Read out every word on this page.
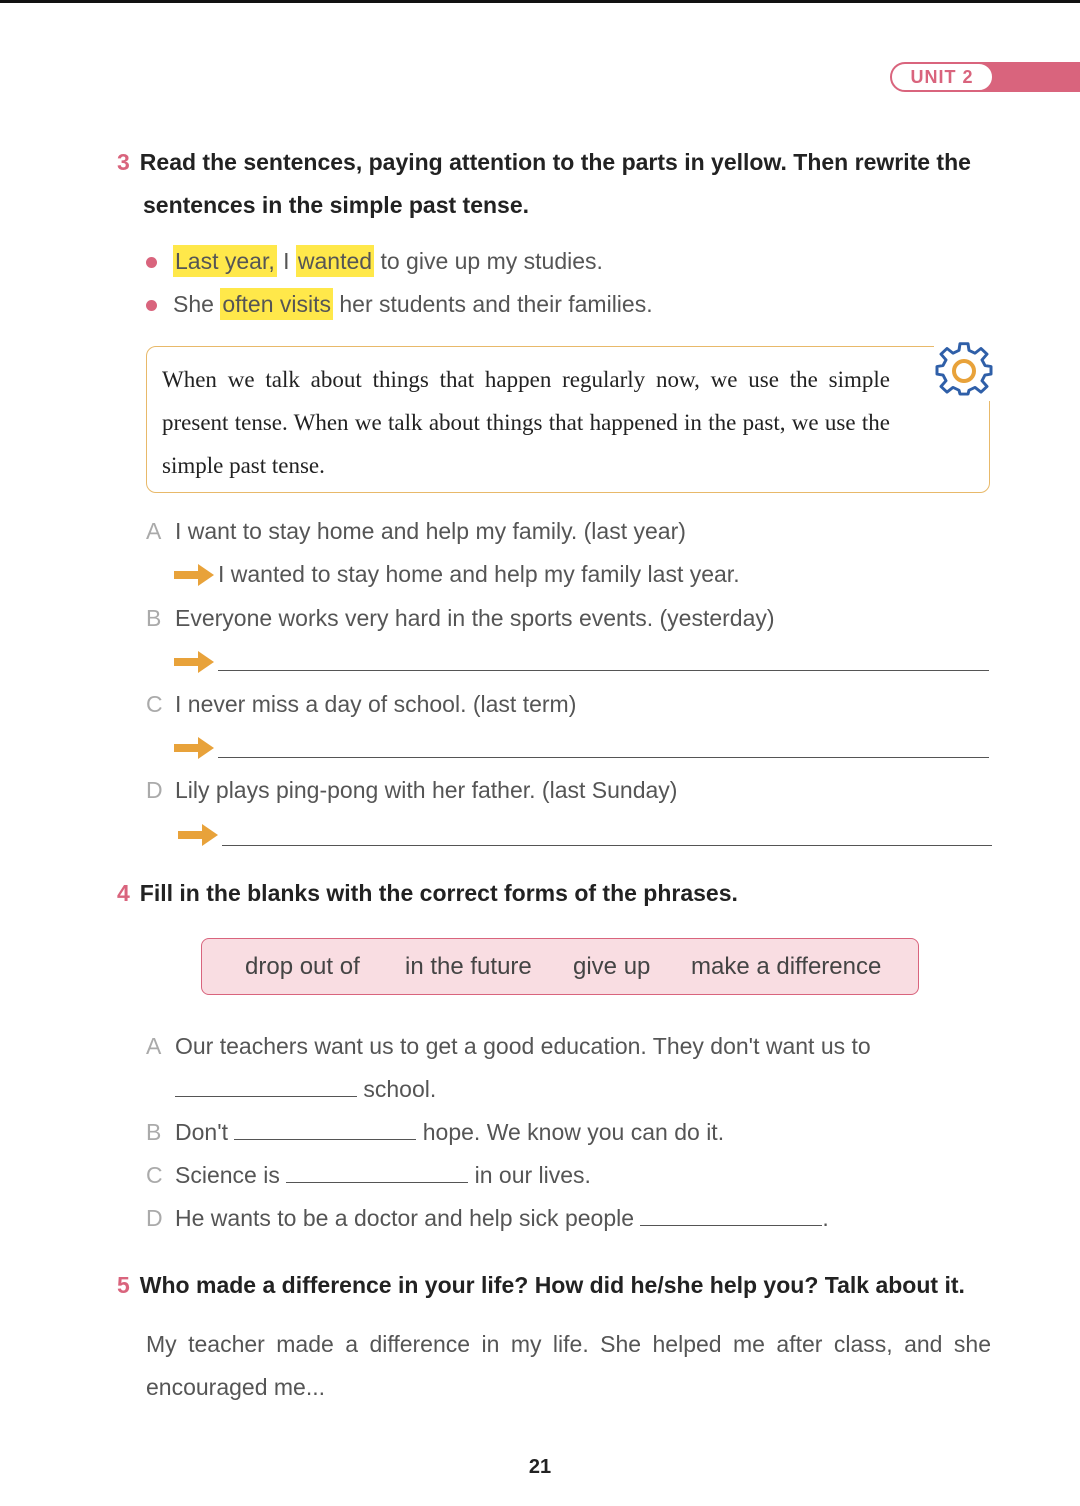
UNIT 2
3 Read the sentences, paying attention to the parts in yellow. Then rewrite the
sentences in the simple past tense.
Last year, I wanted to give up my studies.
She often visits her students and their families.
When we talk about things that happen regularly now, we use the simple present tense. When we talk about things that happened in the past, we use the simple past tense.
A I want to stay home and help my family. (last year)
I wanted to stay home and help my family last year.
B Everyone works very hard in the sports events. (yesterday)
C I never miss a day of school. (last term)
D Lily plays ping-pong with her father. (last Sunday)
4 Fill in the blanks with the correct forms of the phrases.
drop out of in the future give up make a difference
A Our teachers want us to get a good education. They don't want us to
school.
B Don't	hope. We know you can do it.
C Science is	in our lives.
D He wants to be a doctor and help sick people	.
5 Who made a difference in your life? How did he/she help you? Talk about it.
My teacher made a difference in my life. She helped me after class, and she encouraged me...
21
